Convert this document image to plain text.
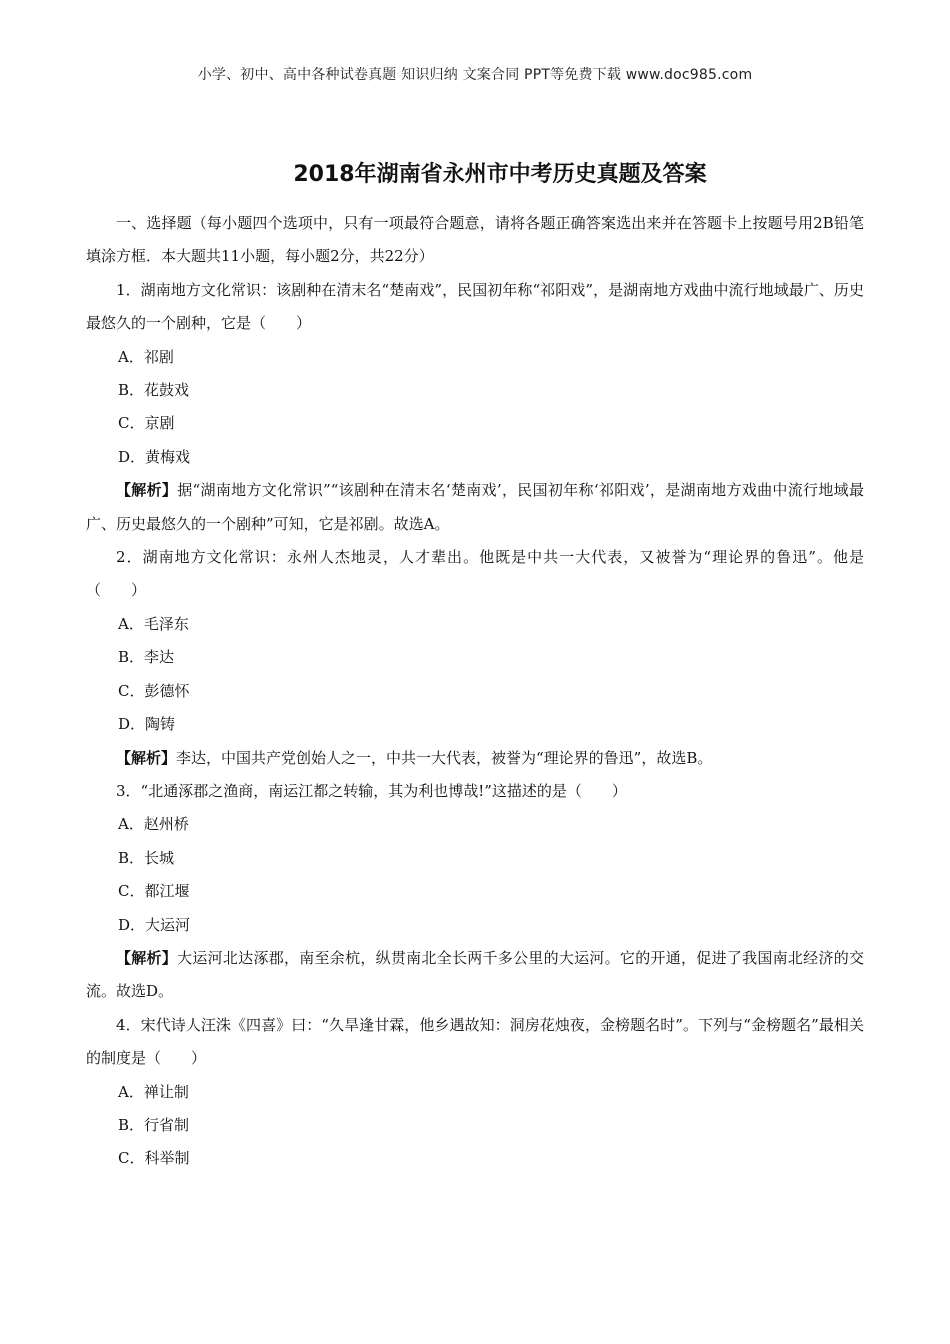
小学、初中、高中各种试卷真题 知识归纳 文案合同 PPT等免费下载 www.doc985.com
2018年湖南省永州市中考历史真题及答案

一、选择题（每小题四个选项中，只有一项最符合题意，请将各题正确答案选出来并在答题卡上按题号用2B铅笔填涂方框．本大题共11小题，每小题2分，共22分）

1．湖南地方文化常识：该剧种在清末名“楚南戏”，民国初年称“祁阳戏”，是湖南地方戏曲中流行地域最广、历史最悠久的一个剧种，它是（　　）

A．祁剧

B．花鼓戏

C．京剧

D．黄梅戏

【解析】据“湖南地方文化常识”“该剧种在清末名‘楚南戏’，民国初年称‘祁阳戏’，是湖南地方戏曲中流行地域最广、历史最悠久的一个剧种”可知，它是祁剧。故选A。

2．湖南地方文化常识：永州人杰地灵，人才辈出。他既是中共一大代表，又被誉为“理论界的鲁迅”。他是（　　）

A．毛泽东

B．李达

C．彭德怀

D．陶铸

【解析】李达，中国共产党创始人之一，中共一大代表，被誉为“理论界的鲁迅”，故选B。

3．“北通涿郡之渔商，南运江都之转输，其为利也博哉!”这描述的是（　　）

A．赵州桥

B．长城

C．都江堰

D．大运河

【解析】大运河北达涿郡，南至余杭，纵贯南北全长两千多公里的大运河。它的开通，促进了我国南北经济的交流。故选D。

4．宋代诗人汪洙《四喜》曰：“久旱逢甘霖，他乡遇故知：洞房花烛夜，金榜题名时”。下列与“金榜题名”最相关的制度是（　　）

A．禅让制

B．行省制

C．科举制
